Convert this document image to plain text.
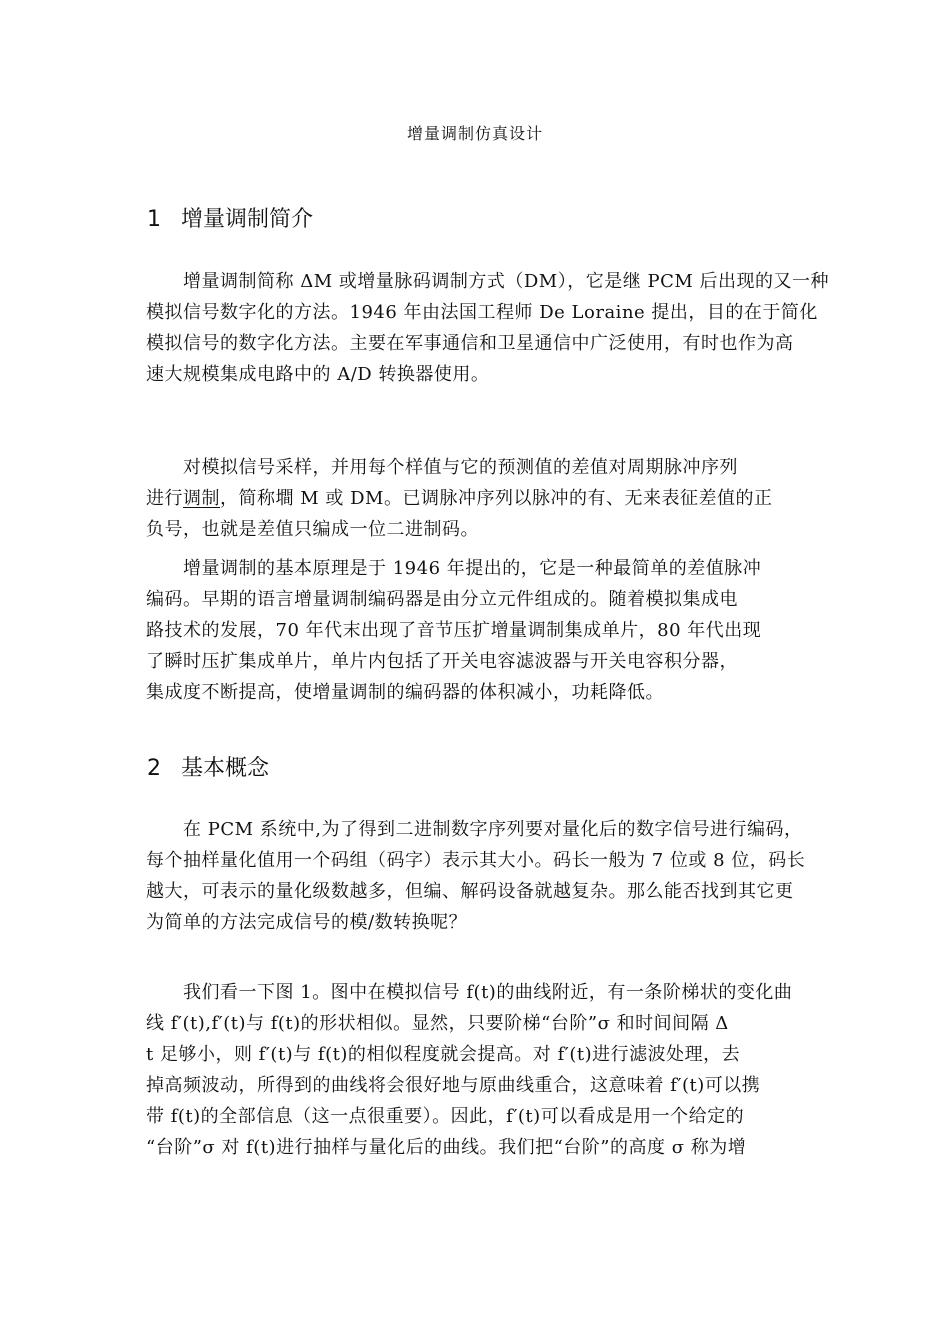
增量调制仿真设计
1 增量调制简介
增量调制简称 ΔM 或增量脉码调制方式（DM），它是继 PCM 后出现的又一种
模拟信号数字化的方法。1946 年由法国工程师 De Loraine 提出，目的在于简化
模拟信号的数字化方法。主要在军事通信和卫星通信中广泛使用，有时也作为高
速大规模集成电路中的 A/D 转换器使用。
对模拟信号采样，并用每个样值与它的预测值的差值对周期脉冲序列
进行调制，简称墹 M 或 DM。已调脉冲序列以脉冲的有、无来表征差值的正
负号，也就是差值只编成一位二进制码。
增量调制的基本原理是于 1946 年提出的，它是一种最简单的差值脉冲
编码。早期的语言增量调制编码器是由分立元件组成的。随着模拟集成电
路技术的发展，70 年代末出现了音节压扩增量调制集成单片，80 年代出现
了瞬时压扩集成单片，单片内包括了开关电容滤波器与开关电容积分器，
集成度不断提高，使增量调制的编码器的体积减小，功耗降低。
2 基本概念
在 PCM 系统中,为了得到二进制数字序列要对量化后的数字信号进行编码，
每个抽样量化值用一个码组（码字）表示其大小。码长一般为 7 位或 8 位，码长
越大，可表示的量化级数越多，但编、解码设备就越复杂。那么能否找到其它更
为简单的方法完成信号的模/数转换呢？
我们看一下图 1。图中在模拟信号 f(t)的曲线附近，有一条阶梯状的变化曲
线 f′(t),f′(t)与 f(t)的形状相似。显然，只要阶梯“台阶”σ 和时间间隔 Δ
t 足够小，则 f′(t)与 f(t)的相似程度就会提高。对 f′(t)进行滤波处理，去
掉高频波动，所得到的曲线将会很好地与原曲线重合，这意味着 f′(t)可以携
带 f(t)的全部信息（这一点很重要）。因此，f′(t)可以看成是用一个给定的
“台阶”σ 对 f(t)进行抽样与量化后的曲线。我们把“台阶”的高度 σ 称为增
